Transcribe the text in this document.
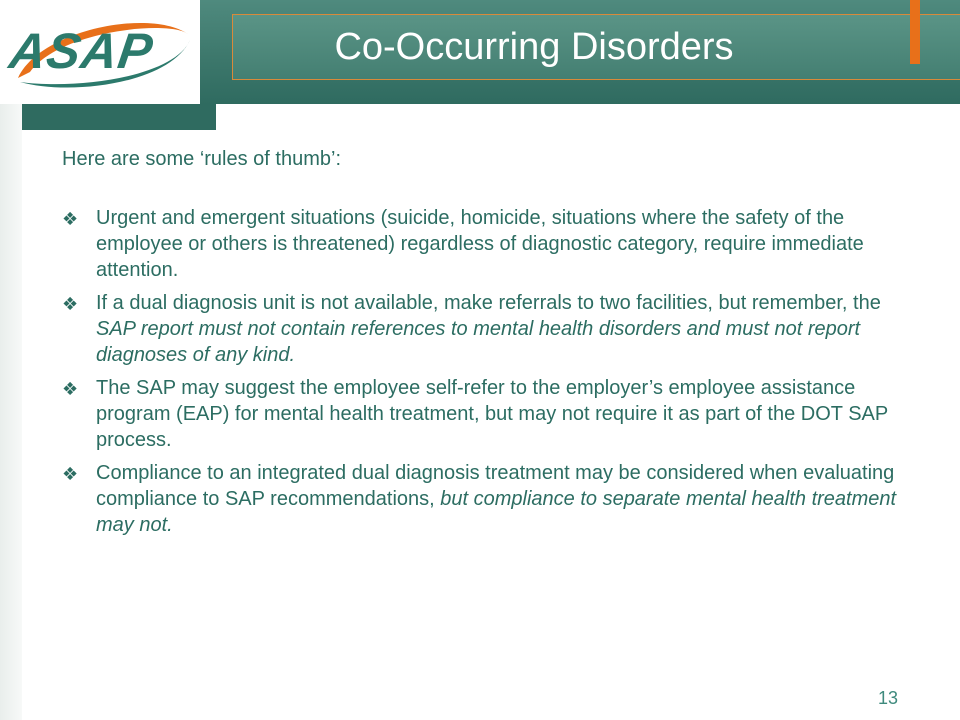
Co-Occurring Disorders
ASAP

Here are some ‘rules of thumb’:

❖ Urgent and emergent situations (suicide, homicide, situations where the safety of the employee or others is threatened) regardless of diagnostic category, require immediate attention.

❖ If a dual diagnosis unit is not available, make referrals to two facilities, but remember, the SAP report must not contain references to mental health disorders and must not report diagnoses of any kind.

❖ The SAP may suggest the employee self-refer to the employer’s employee assistance program (EAP) for mental health treatment, but may not require it as part of the DOT SAP process.

❖ Compliance to an integrated dual diagnosis treatment may be considered when evaluating compliance to SAP recommendations, but compliance to separate mental health treatment may not.

13
